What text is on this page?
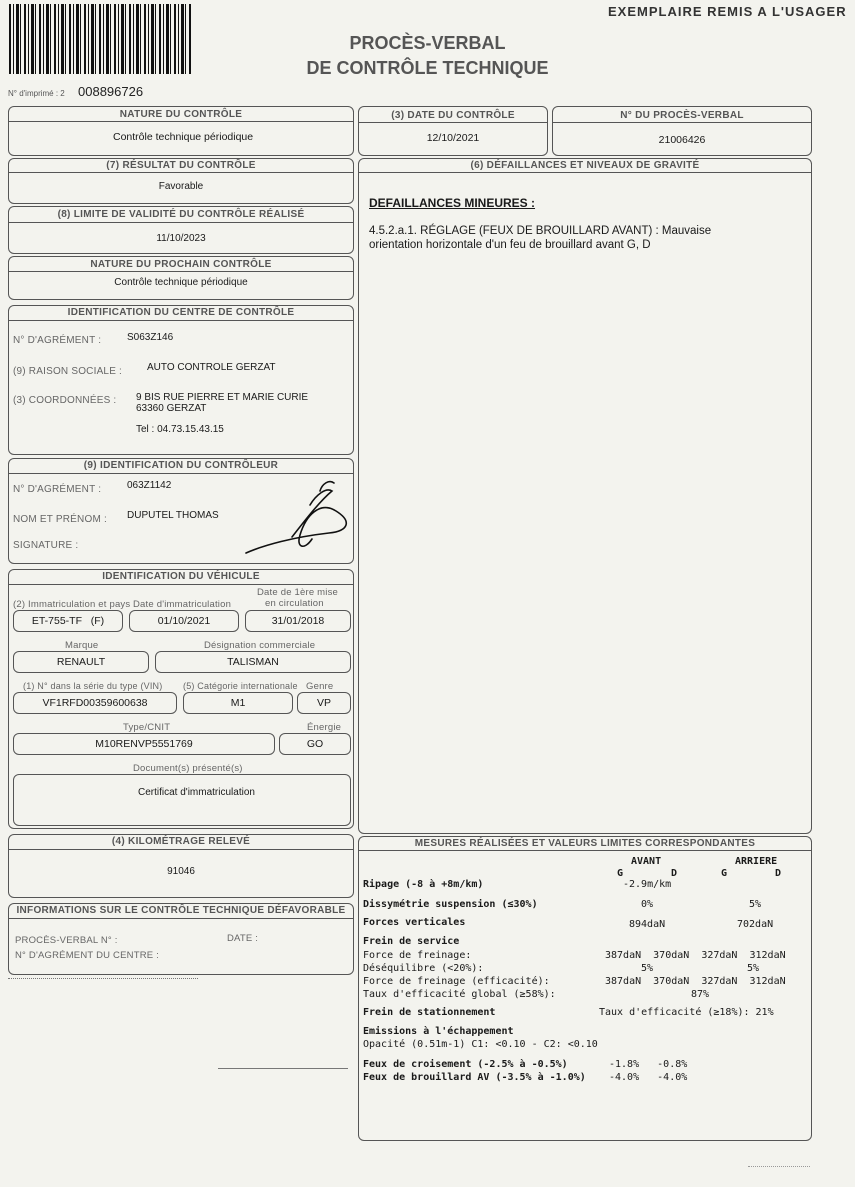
EXEMPLAIRE REMIS A L'USAGER
PROCÈS-VERBAL
DE CONTRÔLE TECHNIQUE
N° d'imprimé : 2 008896726
NATURE DU CONTRÔLE
Contrôle technique périodique
(3) DATE DU CONTRÔLE
12/10/2021
N° DU PROCÈS-VERBAL
21006426
(7) RÉSULTAT DU CONTRÔLE
Favorable
(6) DÉFAILLANCES ET NIVEAUX DE GRAVITÉ
DEFAILLANCES MINEURES :
4.5.2.a.1. RÉGLAGE (FEUX DE BROUILLARD AVANT) : Mauvaise
orientation horizontale d'un feu de brouillard avant G, D
(8) LIMITE DE VALIDITÉ DU CONTRÔLE RÉALISÉ
11/10/2023
NATURE DU PROCHAIN CONTRÔLE
Contrôle technique périodique
IDENTIFICATION DU CENTRE DE CONTRÔLE
N° D'AGRÉMENT :	S063Z146
(9) RAISON SOCIALE : AUTO CONTROLE GERZAT
(3) COORDONNÉES : 9 BIS RUE PIERRE ET MARIE CURIE
63360 GERZAT
Tel : 04.73.15.43.15
(9) IDENTIFICATION DU CONTRÔLEUR
N° D'AGRÉMENT :	063Z1142
NOM ET PRÉNOM : DUPUTEL THOMAS
SIGNATURE :
IDENTIFICATION DU VÉHICULE
(2) Immatriculation et pays Date d'immatriculation
Date de 1ère mise
en circulation
ET-755-TF   (F)	01/10/2021	31/01/2018
Marque	Désignation commerciale
RENAULT	TALISMAN
(1) N° dans la série du type (VIN) (5) Catégorie internationale Genre
VF1RFD00359600638	M1	VP
Type/CNIT	Énergie
M10RENVP5551769	GO
Document(s) présenté(s)
Certificat d'immatriculation
(4) KILOMÉTRAGE RELEVÉ
91046
INFORMATIONS SUR LE CONTRÔLE TECHNIQUE DÉFAVORABLE
PROCÈS-VERBAL N° :	DATE :
N° D'AGRÉMENT DU CENTRE :
MESURES RÉALISÉES ET VALEURS LIMITES CORRESPONDANTES
AVANT	ARRIERE
G	D	G	D
Ripage (-8 à +8m/km)	-2.9m/km
Dissymétrie suspension (≤30%)	0%	5%
Forces verticales	894daN	702daN
Frein de service
Force de freinage:	387daN  370daN  327daN  312daN
Déséquilibre (<20%):	5%	5%
Force de freinage (efficacité):	387daN  370daN  327daN  312daN
Taux d'efficacité global (≥58%):	87%
Frein de stationnement	Taux d'efficacité (≥18%): 21%
Emissions à l'échappement
Opacité (0.51m-1) C1: <0.10 - C2: <0.10
Feux de croisement (-2.5% à -0.5%)	-1.8%   -0.8%
Feux de brouillard AV (-3.5% à -1.0%) -4.0%   -4.0%
